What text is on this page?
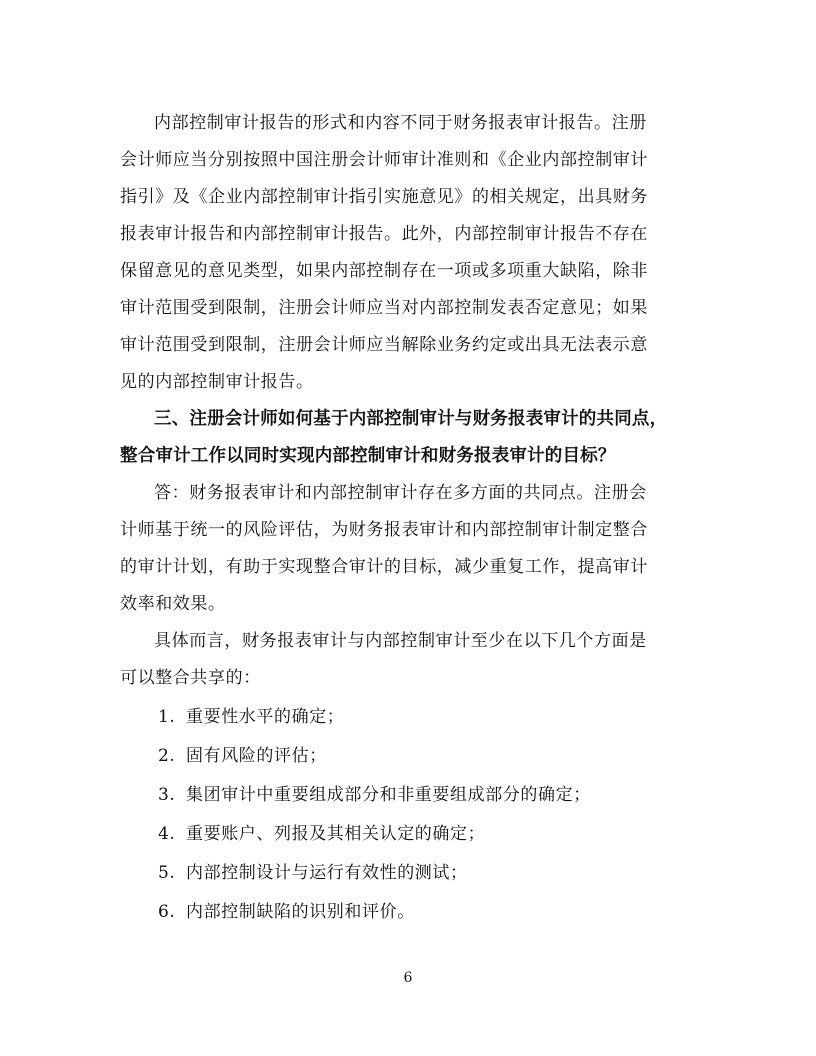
内部控制审计报告的形式和内容不同于财务报表审计报告。注册
会计师应当分别按照中国注册会计师审计准则和《企业内部控制审计
指引》及《企业内部控制审计指引实施意见》的相关规定，出具财务
报表审计报告和内部控制审计报告。此外，内部控制审计报告不存在
保留意见的意见类型，如果内部控制存在一项或多项重大缺陷，除非
审计范围受到限制，注册会计师应当对内部控制发表否定意见；如果
审计范围受到限制，注册会计师应当解除业务约定或出具无法表示意
见的内部控制审计报告。
三、注册会计师如何基于内部控制审计与财务报表审计的共同点，
整合审计工作以同时实现内部控制审计和财务报表审计的目标？
答：财务报表审计和内部控制审计存在多方面的共同点。注册会
计师基于统一的风险评估，为财务报表审计和内部控制审计制定整合
的审计计划，有助于实现整合审计的目标，减少重复工作，提高审计
效率和效果。
具体而言，财务报表审计与内部控制审计至少在以下几个方面是
可以整合共享的：
1. 重要性水平的确定；
2. 固有风险的评估；
3. 集团审计中重要组成部分和非重要组成部分的确定；
4. 重要账户、列报及其相关认定的确定；
5. 内部控制设计与运行有效性的测试；
6. 内部控制缺陷的识别和评价。
6
